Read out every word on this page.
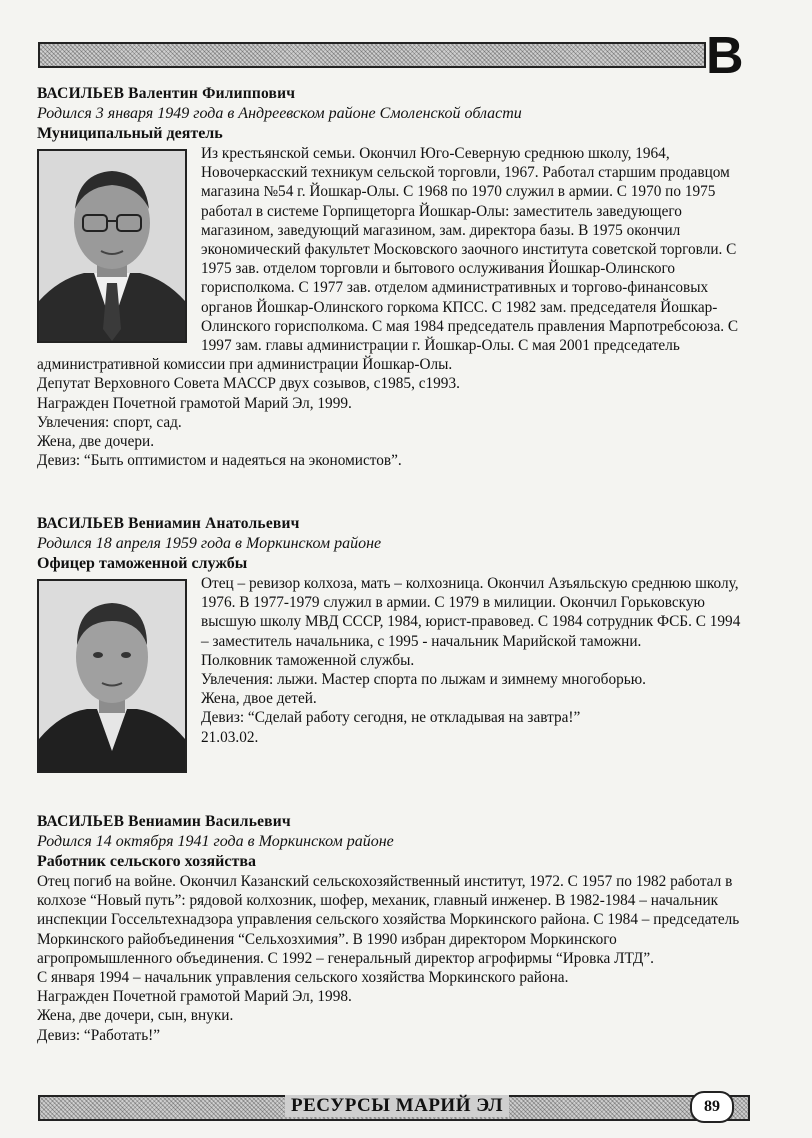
В
ВАСИЛЬЕВ Валентин Филиппович
Родился 3 января 1949 года в Андреевском районе Смоленской области
Муниципальный деятель

Из крестьянской семьи. Окончил Юго-Северную среднюю школу, 1964, Новочеркасский техникум сельской торговли, 1967. Работал старшим продавцом магазина №54 г. Йошкар-Олы. С 1968 по 1970 служил в армии. С 1970 по 1975 работал в системе Горпищеторга Йошкар-Олы: заместитель заведующего магазином, заведующий магазином, зам. директора базы. В 1975 окончил экономический факультет Московского заочного института советской торговли. С 1975 зав. отделом торговли и бытового ослуживания Йошкар-Олинского горисполкома. С 1977 зав. отделом административных и торгово-финансовых органов Йошкар-Олинского горкома КПСС. С 1982 зам. председателя Йошкар-Олинского горисполкома. С мая 1984 председатель правления Марпотребсоюза. С 1997 зам. главы администрации г. Йошкар-Олы. С мая 2001 председатель административной комиссии при администрации Йошкар-Олы.

Депутат Верховного Совета МАССР двух созывов, с1985, с1993.
Награжден Почетной грамотой Марий Эл, 1999.
Увлечения: спорт, сад.
Жена, две дочери.
Девиз: “Быть оптимистом и надеяться на экономистов”.
ВАСИЛЬЕВ Вениамин Анатольевич
Родился 18 апреля 1959 года в Моркинском районе
Офицер таможенной службы

Отец – ревизор колхоза, мать – колхозница. Окончил Азъяльскую среднюю школу, 1976. В 1977-1979 служил в армии. С 1979 в милиции. Окончил Горьковскую высшую школу МВД СССР, 1984, юрист-правовед. С 1984 сотрудник ФСБ. С 1994 – заместитель начальника, с 1995 - начальник Марийской таможни.

Полковник таможенной службы.
Увлечения: лыжи. Мастер спорта по лыжам и зимнему многоборью.
Жена, двое детей.
Девиз: “Сделай работу сегодня, не откладывая на завтра!”
21.03.02.
ВАСИЛЬЕВ Вениамин Васильевич
Родился 14 октября 1941 года в Моркинском районе
Работник сельского хозяйства

Отец погиб на войне. Окончил Казанский сельскохозяйственный институт, 1972. С 1957 по 1982 работал в колхозе “Новый путь”: рядовой колхозник, шофер, механик, главный инженер. В 1982-1984 – начальник инспекции Госсельтехнадзора управления сельского хозяйства Моркинского района. С 1984 – председатель Моркинского райобъединения “Сельхозхимия”. В 1990 избран директором Моркинского агропромышленного объединения. С 1992 – генеральный директор агрофирмы “Ировка ЛТД”.

С января 1994 – начальник управления сельского хозяйства Моркинского района.
Награжден Почетной грамотой Марий Эл, 1998.
Жена, две дочери, сын, внуки.
Девиз: “Работать!”
РЕСУРСЫ МАРИЙ ЭЛ	89
